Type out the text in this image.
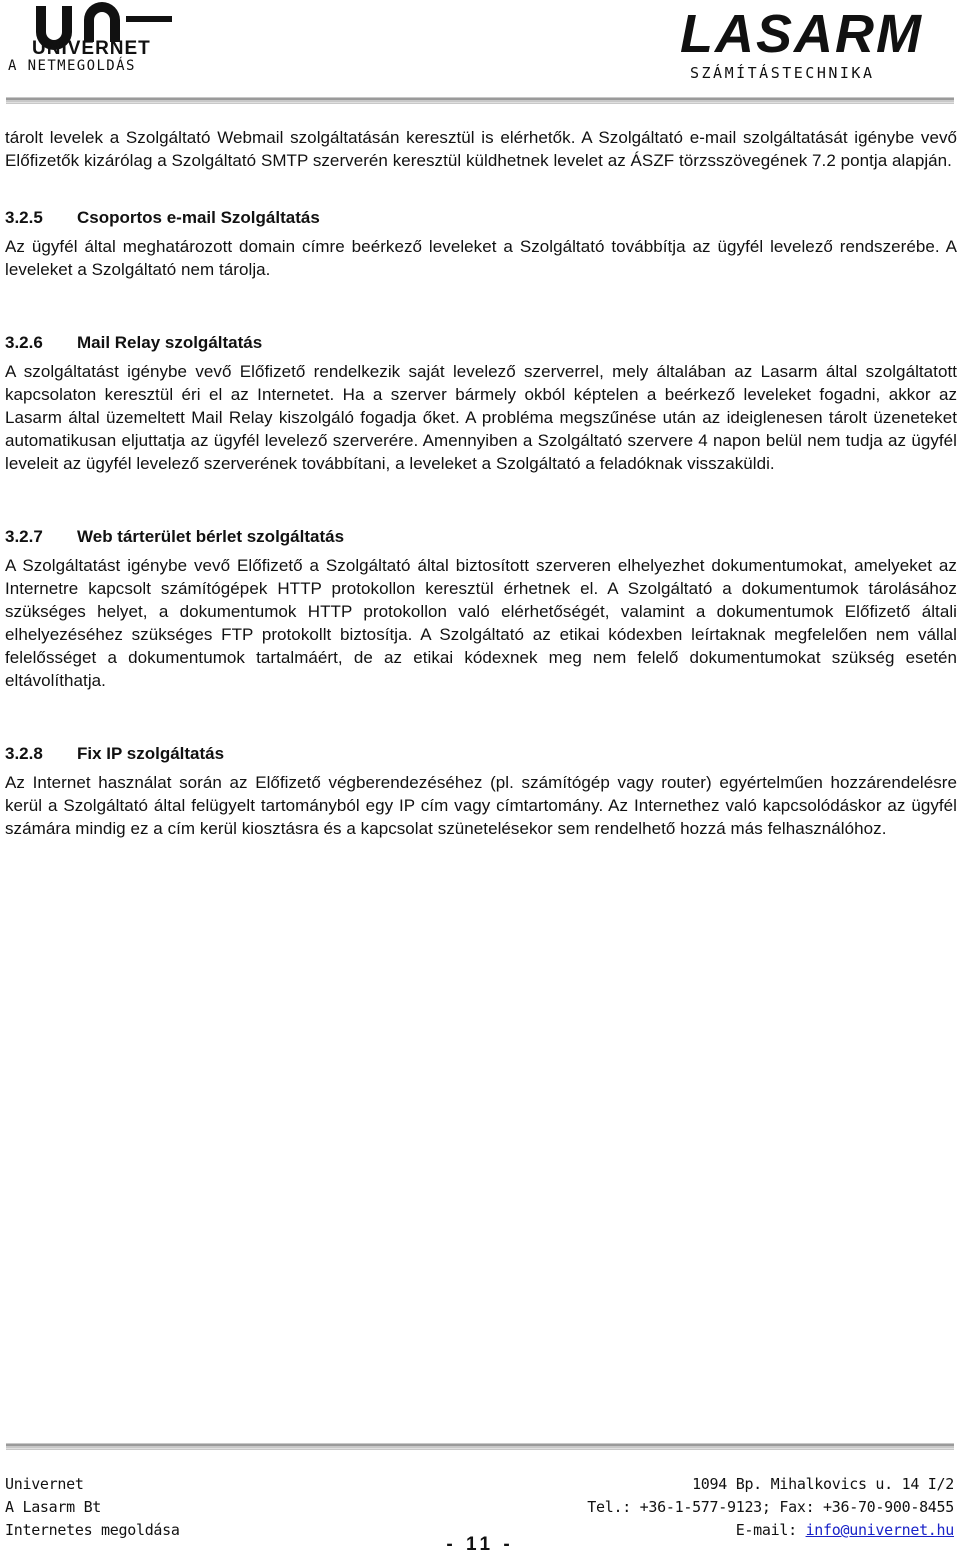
UNIVERNET
A NETMEGOLDÁS
LASARM
SZÁMÍTÁSTECHNIKA

tárolt levelek a Szolgáltató Webmail szolgáltatásán keresztül is elérhetők. A Szolgáltató e-mail szolgáltatását igénybe vevő Előfizetők kizárólag a Szolgáltató SMTP szerverén keresztül küldhetnek levelet az ÁSZF törzsszövegének 7.2 pontja alapján.

3.2.5 Csoportos e-mail Szolgáltatás

Az ügyfél által meghatározott domain címre beérkező leveleket a Szolgáltató továbbítja az ügyfél levelező rendszerébe. A leveleket a Szolgáltató nem tárolja.

3.2.6 Mail Relay szolgáltatás

A szolgáltatást igénybe vevő Előfizető rendelkezik saját levelező szerverrel, mely általában az Lasarm által szolgáltatott kapcsolaton keresztül éri el az Internetet. Ha a szerver bármely okból képtelen a beérkező leveleket fogadni, akkor az Lasarm által üzemeltett Mail Relay kiszolgáló fogadja őket. A probléma megszűnése után az ideiglenesen tárolt üzeneteket automatikusan eljuttatja az ügyfél levelező szerverére. Amennyiben a Szolgáltató szervere 4 napon belül nem tudja az ügyfél leveleit az ügyfél levelező szerverének továbbítani, a leveleket a Szolgáltató a feladóknak visszaküldi.

3.2.7 Web tárterület bérlet szolgáltatás

A Szolgáltatást igénybe vevő Előfizető a Szolgáltató által biztosított szerveren elhelyezhet dokumentumokat, amelyeket az Internetre kapcsolt számítógépek HTTP protokollon keresztül érhetnek el. A Szolgáltató a dokumentumok tárolásához szükséges helyet, a dokumentumok HTTP protokollon való elérhetőségét, valamint a dokumentumok Előfizető általi elhelyezéséhez szükséges FTP protokollt biztosítja. A Szolgáltató az etikai kódexben leírtaknak megfelelően nem vállal felelősséget a dokumentumok tartalmáért, de az etikai kódexnek meg nem felelő dokumentumokat szükség esetén eltávolíthatja.

3.2.8 Fix IP szolgáltatás

Az Internet használat során az Előfizető végberendezéséhez (pl. számítógép vagy router) egyértelműen hozzárendelésre kerül a Szolgáltató által felügyelt tartományból egy IP cím vagy címtartomány. Az Internethez való kapcsolódáskor az ügyfél számára mindig ez a cím kerül kiosztásra és a kapcsolat szünetelésekor sem rendelhető hozzá más felhasználóhoz.

Univernet

A Lasarm Bt

Internetes megoldása

1094 Bp. Mihalkovics u. 14 I/2

Tel.: +36-1-577-9123; Fax: +36-70-900-8455

E-mail: info@univernet.hu

- 11 -
